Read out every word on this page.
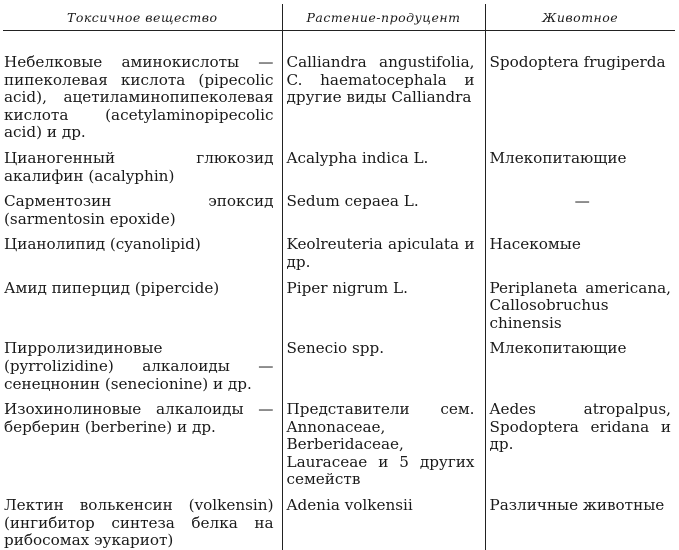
Токсичное вещество	Растение-продуцент	Животное

Небелковые аминокислоты — пипеколевая кислота (pipecolic acid), ацетиламинопипеколевая кислота (acetylaminopipecolic acid) и др.	Calliandra angustifolia, C. haematocephala и другие виды Calliandra	Spodoptera frugiperda
Цианогенный глюкозид акалифин (acalyphin)	Acalypha indica L.	Млекопитающие
Сарментозин эпоксид (sarmentosin epoxide)	Sedum cepaea L.	—
Цианолипид (cyanolipid)	Keolreuteria apiculata и др.	Насекомые
Амид пиперцид (pipercide)	Piper nigrum L.	Periplaneta americana, Callosobruchus chinensis
Пирролизидиновые (pyrrolizidine) алкалоиды — сенецнонин (senecionine) и др.	Senecio spp.	Млекопитающие
Изохинолиновые алкалоиды — берберин (berberine) и др.	Представители сем. Annonaceae, Berberidaceae, Lauraceae и 5 других семейств	Aedes atropalpus, Spodoptera eridana и др.
Лектин волькенсин (volkensin) (ингибитор синтеза белка на рибосомах эукариот)	Adenia volkensii	Различные животные
